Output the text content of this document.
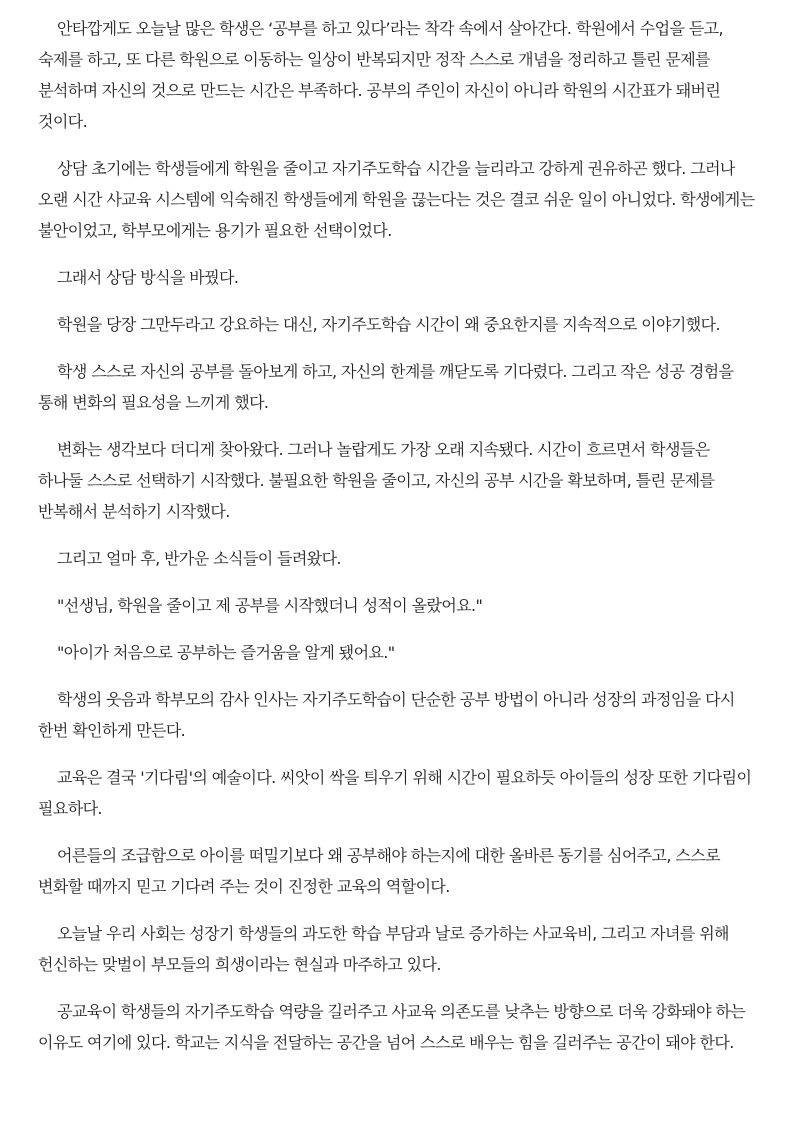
안타깝게도 오늘날 많은 학생은 ‘공부를 하고 있다’라는 착각 속에서 살아간다. 학원에서 수업을 듣고, 숙제를 하고, 또 다른 학원으로 이동하는 일상이 반복되지만 정작 스스로 개념을 정리하고 틀린 문제를 분석하며 자신의 것으로 만드는 시간은 부족하다. 공부의 주인이 자신이 아니라 학원의 시간표가 돼버린 것이다.

상담 초기에는 학생들에게 학원을 줄이고 자기주도학습 시간을 늘리라고 강하게 권유하곤 했다. 그러나 오랜 시간 사교육 시스템에 익숙해진 학생들에게 학원을 끊는다는 것은 결코 쉬운 일이 아니었다. 학생에게는 불안이었고, 학부모에게는 용기가 필요한 선택이었다.

그래서 상담 방식을 바꿨다.

학원을 당장 그만두라고 강요하는 대신, 자기주도학습 시간이 왜 중요한지를 지속적으로 이야기했다.

학생 스스로 자신의 공부를 돌아보게 하고, 자신의 한계를 깨닫도록 기다렸다. 그리고 작은 성공 경험을 통해 변화의 필요성을 느끼게 했다.

변화는 생각보다 더디게 찾아왔다. 그러나 놀랍게도 가장 오래 지속됐다. 시간이 흐르면서 학생들은 하나둘 스스로 선택하기 시작했다. 불필요한 학원을 줄이고, 자신의 공부 시간을 확보하며, 틀린 문제를 반복해서 분석하기 시작했다.

그리고 얼마 후, 반가운 소식들이 들려왔다.

"선생님, 학원을 줄이고 제 공부를 시작했더니 성적이 올랐어요."

"아이가 처음으로 공부하는 즐거움을 알게 됐어요."

학생의 웃음과 학부모의 감사 인사는 자기주도학습이 단순한 공부 방법이 아니라 성장의 과정임을 다시 한번 확인하게 만든다.

교육은 결국 '기다림'의 예술이다. 씨앗이 싹을 틔우기 위해 시간이 필요하듯 아이들의 성장 또한 기다림이 필요하다.

어른들의 조급함으로 아이를 떠밀기보다 왜 공부해야 하는지에 대한 올바른 동기를 심어주고, 스스로 변화할 때까지 믿고 기다려 주는 것이 진정한 교육의 역할이다.

오늘날 우리 사회는 성장기 학생들의 과도한 학습 부담과 날로 증가하는 사교육비, 그리고 자녀를 위해 헌신하는 맞벌이 부모들의 희생이라는 현실과 마주하고 있다.

공교육이 학생들의 자기주도학습 역량을 길러주고 사교육 의존도를 낮추는 방향으로 더욱 강화돼야 하는 이유도 여기에 있다. 학교는 지식을 전달하는 공간을 넘어 스스로 배우는 힘을 길러주는 공간이 돼야 한다.
